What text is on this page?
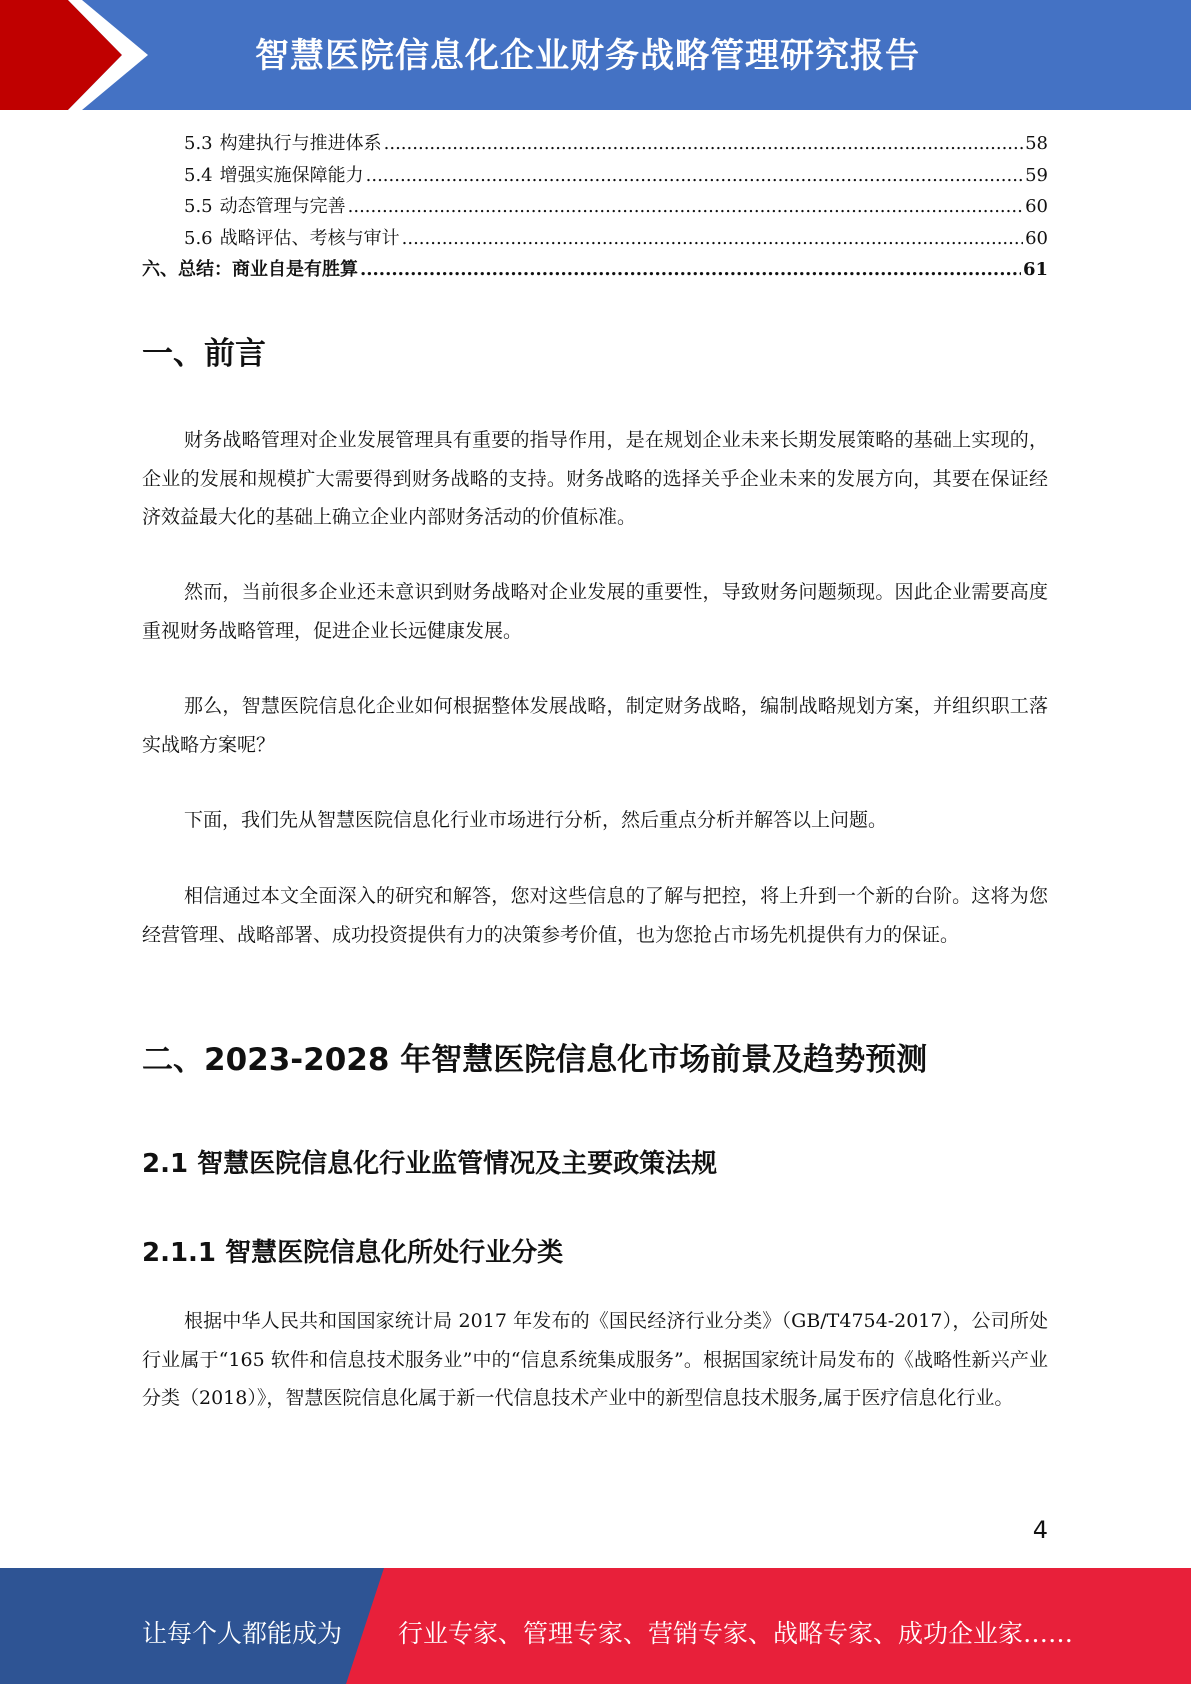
智慧医院信息化企业财务战略管理研究报告
5.3 构建执行与推进体系 .....	58
5.4 增强实施保障能力 .....	59
5.5 动态管理与完善 .....	60
5.6 战略评估、考核与审计 .....	60
六、总结：商业自是有胜算 .....	61
一、前言
财务战略管理对企业发展管理具有重要的指导作用，是在规划企业未来长期发展策略的基础上实现的，企业的发展和规模扩大需要得到财务战略的支持。财务战略的选择关乎企业未来的发展方向，其要在保证经济效益最大化的基础上确立企业内部财务活动的价值标准。
然而，当前很多企业还未意识到财务战略对企业发展的重要性，导致财务问题频现。因此企业需要高度重视财务战略管理，促进企业长远健康发展。
那么，智慧医院信息化企业如何根据整体发展战略，制定财务战略，编制战略规划方案，并组织职工落实战略方案呢？
下面，我们先从智慧医院信息化行业市场进行分析，然后重点分析并解答以上问题。
相信通过本文全面深入的研究和解答，您对这些信息的了解与把控，将上升到一个新的台阶。这将为您经营管理、战略部署、成功投资提供有力的决策参考价值，也为您抢占市场先机提供有力的保证。
二、2023-2028 年智慧医院信息化市场前景及趋势预测
2.1 智慧医院信息化行业监管情况及主要政策法规
2.1.1 智慧医院信息化所处行业分类
根据中华人民共和国国家统计局 2017 年发布的《国民经济行业分类》（GB/T4754-2017），公司所处行业属于“165 软件和信息技术服务业”中的“信息系统集成服务”。根据国家统计局发布的《战略性新兴产业分类（2018）》，智慧医院信息化属于新一代信息技术产业中的新型信息技术服务,属于医疗信息化行业。
4
让每个人都能成为 行业专家、管理专家、营销专家、战略专家、成功企业家……
